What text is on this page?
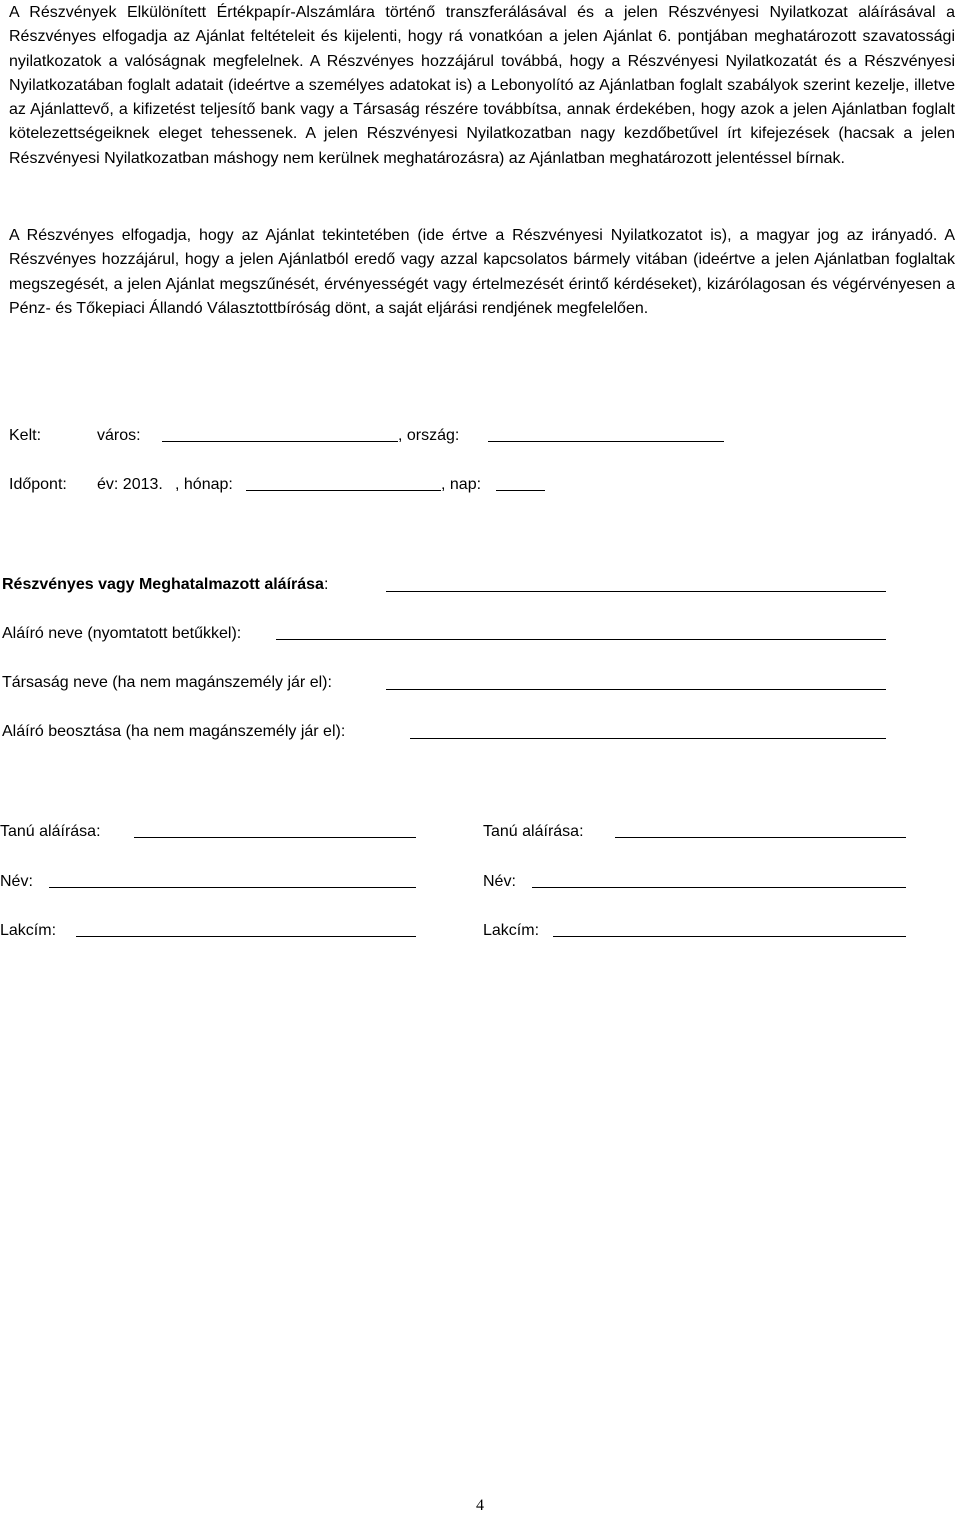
A Részvények Elkülönített Értékpapír-Alszámlára történő transzferálásával és a jelen Részvényesi Nyilatkozat aláírásával a Részvényes elfogadja az Ajánlat feltételeit és kijelenti, hogy rá vonatkóan a jelen Ajánlat 6. pontjában meghatározott szavatossági nyilatkozatok a valóságnak megfelelnek. A Részvényes hozzájárul továbbá, hogy a Részvényesi Nyilatkozatát és a Részvényesi Nyilatkozatában foglalt adatait (ideértve a személyes adatokat is) a Lebonyolító az Ajánlatban foglalt szabályok szerint kezelje, illetve az Ajánlattevő, a kifizetést teljesítő bank vagy a Társaság részére továbbítsa, annak érdekében, hogy azok a jelen Ajánlatban foglalt kötelezettségeiknek eleget tehessenek. A jelen Részvényesi Nyilatkozatban nagy kezdőbetűvel írt kifejezések (hacsak a jelen Részvényesi Nyilatkozatban máshogy nem kerülnek meghatározásra) az Ajánlatban meghatározott jelentéssel bírnak.

A Részvényes elfogadja, hogy az Ajánlat tekintetében (ide értve a Részvényesi Nyilatkozatot is), a magyar jog az irányadó. A Részvényes hozzájárul, hogy a jelen Ajánlatból eredő vagy azzal kapcsolatos bármely vitában (ideértve a jelen Ajánlatban foglaltak megszegését, a jelen Ajánlat megszűnését, érvényességét vagy értelmezését érintő kérdéseket), kizárólagosan és végérvényesen a Pénz- és Tőkepiaci Állandó Választottbíróság dönt, a saját eljárási rendjének megfelelően.

Kelt:	város:	, ország:
Időpont: év: 2013. , hónap:	, nap:
Részvényes vagy Meghatalmazott aláírása:
Aláíró neve (nyomtatott betűkkel):
Társaság neve (ha nem magánszemély jár el):
Aláíró beosztása (ha nem magánszemély jár el):
Tanú aláírása:
Név:
Lakcím:
Tanú aláírása:
Név:
Lakcím:
4
